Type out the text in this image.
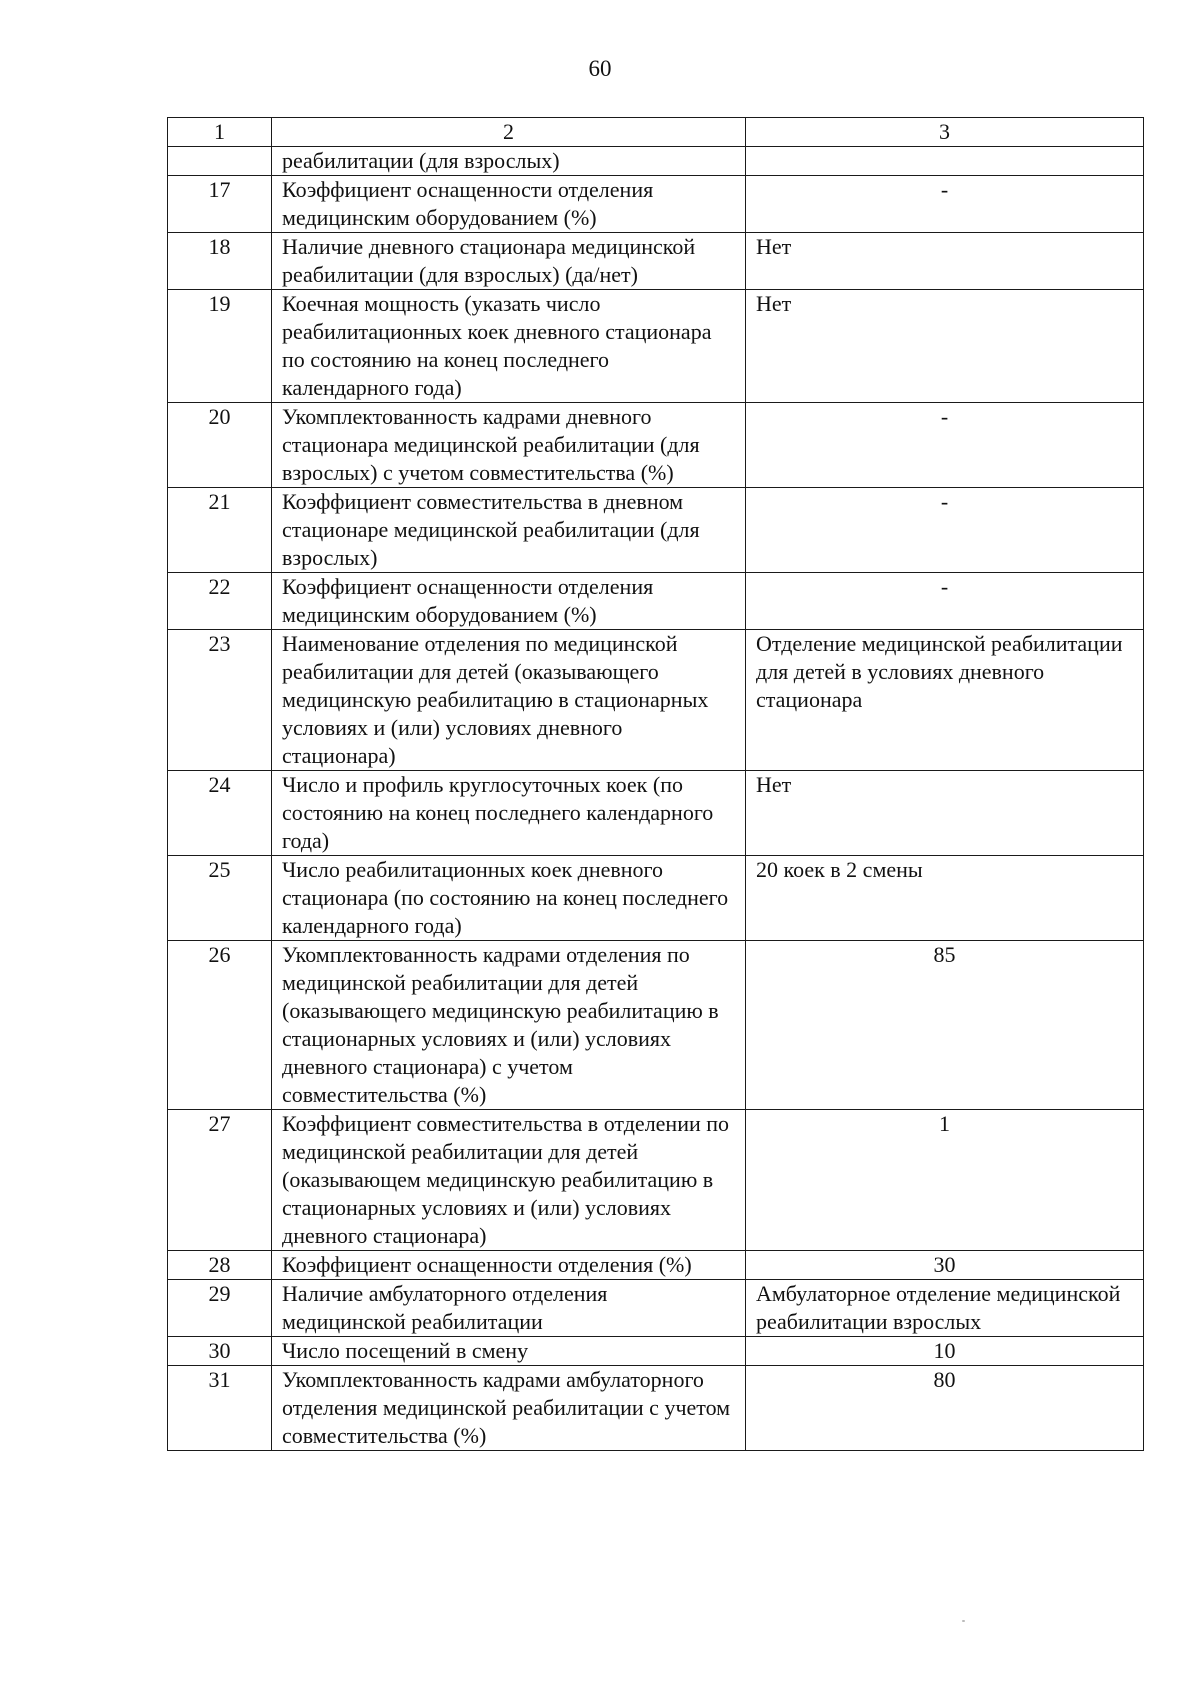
60
1	2	3
	реабилитации (для взрослых)	
17	Коэффициент оснащенности отделения медицинским оборудованием (%)	-
18	Наличие дневного стационара медицинской реабилитации (для взрослых) (да/нет)	Нет
19	Коечная мощность (указать число реабилитационных коек дневного стационара по состоянию на конец последнего календарного года)	Нет
20	Укомплектованность кадрами дневного стационара медицинской реабилитации (для взрослых) с учетом совместительства (%)	-
21	Коэффициент совместительства в дневном стационаре медицинской реабилитации (для взрослых)	-
22	Коэффициент оснащенности отделения медицинским оборудованием (%)	-
23	Наименование отделения по медицинской реабилитации для детей (оказывающего медицинскую реабилитацию в стационарных условиях и (или) условиях дневного стационара)	Отделение медицинской реабилитации для детей в условиях дневного стационара
24	Число и профиль круглосуточных коек (по состоянию на конец последнего календарного года)	Нет
25	Число реабилитационных коек дневного стационара (по состоянию на конец последнего календарного года)	20 коек в 2 смены
26	Укомплектованность кадрами отделения по медицинской реабилитации для детей (оказывающего медицинскую реабилитацию в стационарных условиях и (или) условиях дневного стационара) с учетом совместительства (%)	85
27	Коэффициент совместительства в отделении по медицинской реабилитации для детей (оказывающем медицинскую реабилитацию в стационарных условиях и (или) условиях дневного стационара)	1
28	Коэффициент оснащенности отделения (%)	30
29	Наличие амбулаторного отделения медицинской реабилитации	Амбулаторное отделение медицинской реабилитации взрослых
30	Число посещений в смену	10
31	Укомплектованность кадрами амбулаторного отделения медицинской реабилитации с учетом совместительства (%)	80
